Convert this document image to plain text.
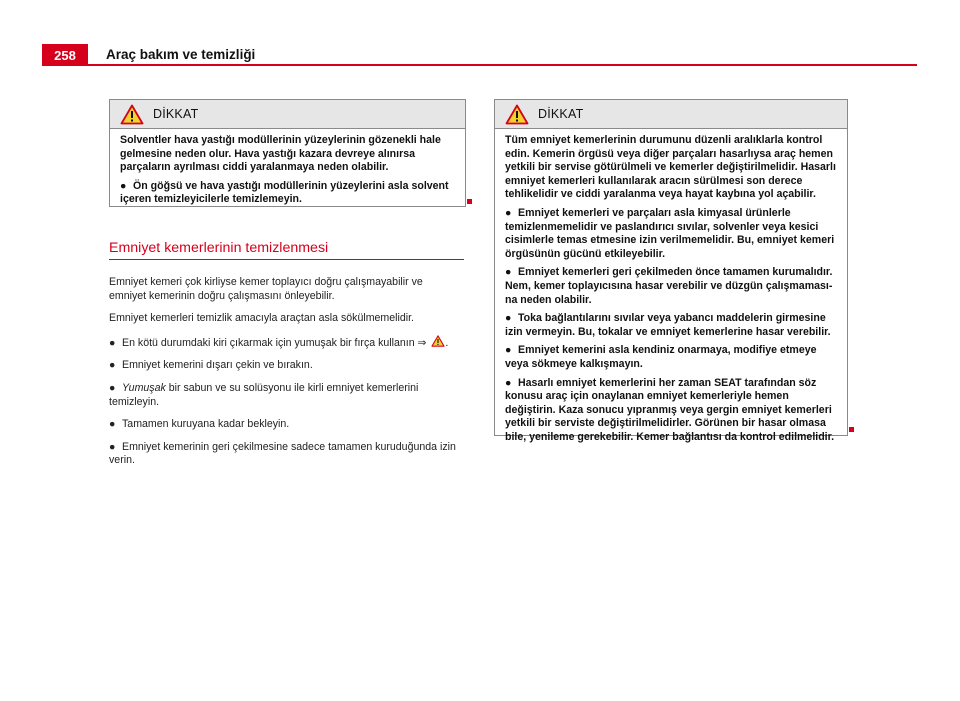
258	Araç bakım ve temizliği
DİKKAT

Solventler hava yastığı modüllerinin yüzeylerinin gözenekli hale gelmesine neden olur. Hava yastığı kazara devreye alınırsa parçaların ayrılması ciddi yaralanmaya neden olabilir.

● Ön göğsü ve hava yastığı modüllerinin yüzeylerini asla solvent içeren temizleyicilerle temizlemeyin.

Emniyet kemerlerinin temizlenmesi

Emniyet kemeri çok kirliyse kemer toplayıcı doğru çalışmayabilir ve emniyet kemerinin doğru çalışmasını önleyebilir.

Emniyet kemerleri temizlik amacıyla araçtan asla sökülmemelidir.

● En kötü durumdaki kiri çıkarmak için yumuşak bir fırça kullanın ⇒ .

● Emniyet kemerini dışarı çekin ve bırakın.

● Yumuşak bir sabun ve su solüsyonu ile kirli emniyet kemerlerini temizleyin.

● Tamamen kuruyana kadar bekleyin.

● Emniyet kemerinin geri çekilmesine sadece tamamen kuruduğunda izin verin.

DİKKAT

Tüm emniyet kemerlerinin durumunu düzenli aralıklarla kontrol edin. Kemerin örgüsü veya diğer parçaları hasarlıysa araç hemen yetkili bir servise götürülmeli ve kemerler değiştirilmelidir. Hasarlı emniyet kemerleri kullanılarak aracın sürülmesi son derece tehlikelidir ve ciddi yaralanma veya hayat kaybına yol açabilir.

● Emniyet kemerleri ve parçaları asla kimyasal ürünlerle temizlenmemelidir ve paslandırıcı sıvılar, solvenler veya kesici cisimlerle temas etmesine izin verilmemelidir. Bu, emniyet kemeri örgüsünün gücünü etkileyebilir.

● Emniyet kemerleri geri çekilmeden önce tamamen kurumalıdır. Nem, kemer toplayıcısına hasar verebilir ve düzgün çalışmaması-na neden olabilir.

● Toka bağlantılarını sıvılar veya yabancı maddelerin girmesine izin vermeyin. Bu, tokalar ve emniyet kemerlerine hasar verebilir.

● Emniyet kemerini asla kendiniz onarmaya, modifiye etmeye veya sökmeye kalkışmayın.

● Hasarlı emniyet kemerlerini her zaman SEAT tarafından söz konusu araç için onaylanan emniyet kemerleriyle hemen değiştirin. Kaza sonucu yıpranmış veya gergin emniyet kemerleri yetkili bir serviste değiştirilmelidirler. Görünen bir hasar olmasa bile, yenileme gerekebilir. Kemer bağlantısı da kontrol edilmelidir.
